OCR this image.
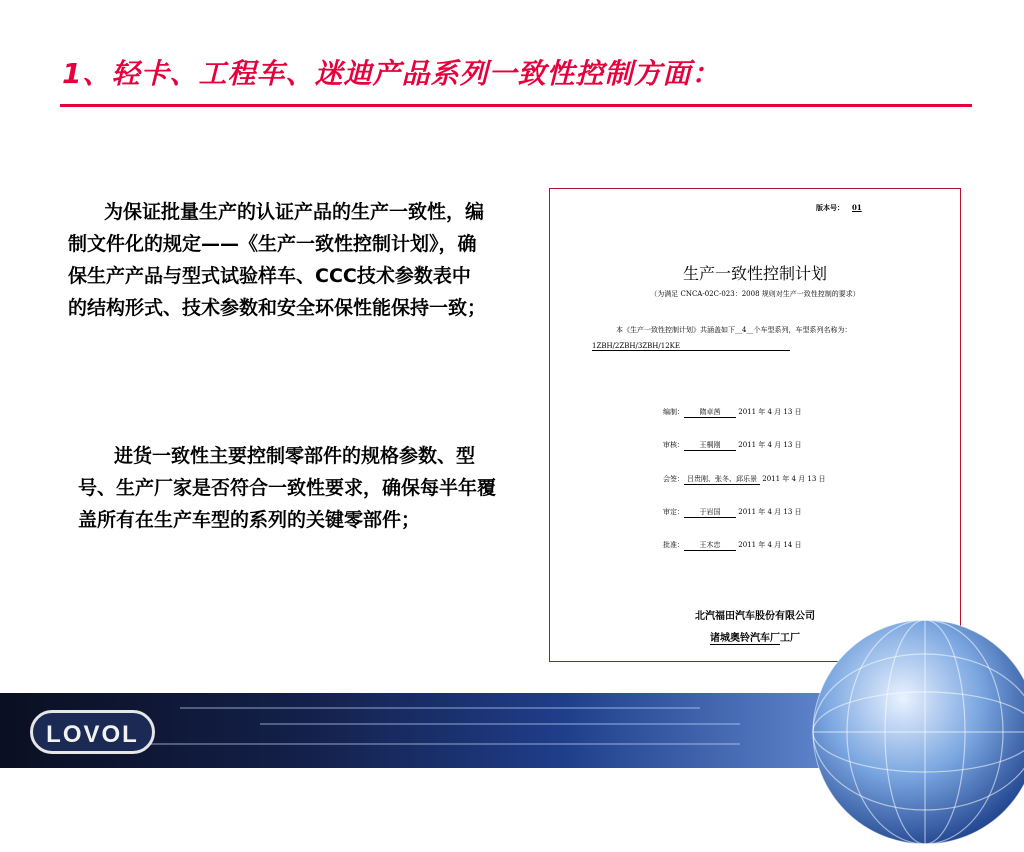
1、轻卡、工程车、迷迪产品系列一致性控制方面：
为保证批量生产的认证产品的生产一致性，编制文件化的规定——《生产一致性控制计划》，确保生产产品与型式试验样车、CCC技术参数表中的结构形式、技术参数和安全环保性能保持一致；
进货一致性主要控制零部件的规格参数、型号、生产厂家是否符合一致性要求，确保每半年覆盖所有在生产车型的系列的关键零部件；
版本号： 01
生产一致性控制计划
（为满足 CNCA-02C-023：2008 规则对生产一致性控制的要求）
本《生产一致性控制计划》共涵盖如下__4__个车型系列，车型系列名称为：
1ZBH/2ZBH/3ZBH/12KE
编制： 隋卓茜	2011 年 4 月 13 日
审核： 王桐刚	2011 年 4 月 13 日
会签： 吕贵刚、张冬、邱乐景 2011 年 4 月 13 日
审定： 于岩国	2011 年 4 月 13 日
批准： 王木忠	2011 年 4 月 14 日
北汽福田汽车股份有限公司
诸城奥铃汽车厂工厂
LOVOL
